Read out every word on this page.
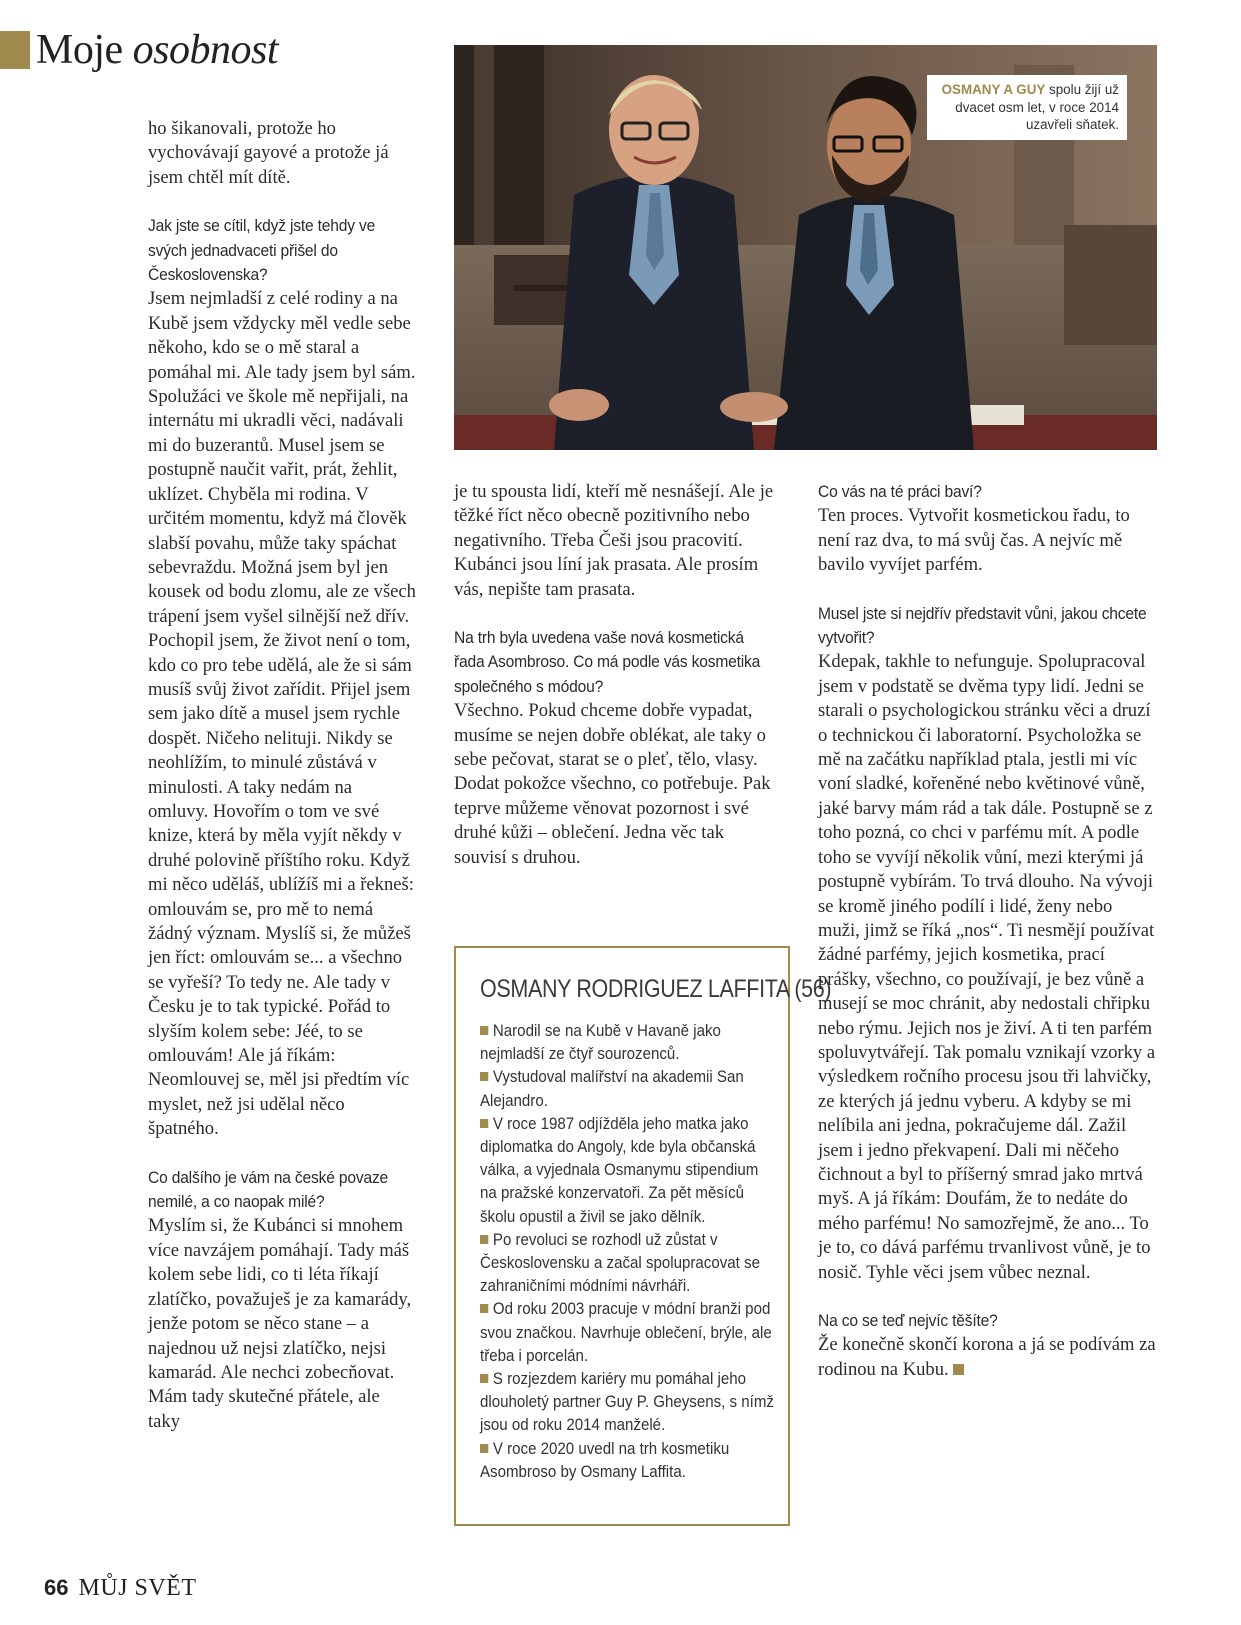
Moje osobnost

ho šikanovali, protože ho vychovávají gayové a protože já jsem chtěl mít dítě.

Jak jste se cítil, když jste tehdy ve svých jednadvaceti přišel do Československa?

Jsem nejmladší z celé rodiny a na Kubě jsem vždycky měl vedle sebe někoho, kdo se o mě staral a pomáhal mi. Ale tady jsem byl sám. Spolužáci ve škole mě nepřijali, na internátu mi ukradli věci, nadávali mi do buzerantů. Musel jsem se postupně naučit vařit, prát, žehlit, uklízet. Chyběla mi rodina. V určitém momentu, když má člověk slabší povahu, může taky spáchat sebevraždu. Možná jsem byl jen kousek od bodu zlomu, ale ze všech trápení jsem vyšel silnější než dřív. Pochopil jsem, že život není o tom, kdo co pro tebe udělá, ale že si sám musíš svůj život zařídit. Přijel jsem sem jako dítě a musel jsem rychle dospět. Ničeho nelituji. Nikdy se neohlížím, to minulé zůstává v minulosti. A taky nedám na omluvy. Hovořím o tom ve své knize, která by měla vyjít někdy v druhé polovině příštího roku. Když mi něco uděláš, ublížíš mi a řekneš: omlouvám se, pro mě to nemá žádný význam. Myslíš si, že můžeš jen říct: omlouvám se... a všechno se vyřeší? To tedy ne. Ale tady v Česku je to tak typické. Pořád to slyším kolem sebe: Jéé, to se omlouvám! Ale já říkám: Neomlouvej se, měl jsi předtím víc myslet, než jsi udělal něco špatného.

Co dalšího je vám na české povaze nemilé, a co naopak milé?

Myslím si, že Kubánci si mnohem více navzájem pomáhají. Tady máš kolem sebe lidi, co ti léta říkají zlatíčko, považuješ je za kamarády, jenže potom se něco stane – a najednou už nejsi zlatíčko, nejsi kamarád. Ale nechci zobecňovat. Mám tady skutečné přátele, ale taky

OSMANY A GUY spolu žijí už dvacet osm let, v roce 2014 uzavřeli sňatek.

je tu spousta lidí, kteří mě nesnášejí. Ale je těžké říct něco obecně pozitivního nebo negativního. Třeba Češi jsou pracovití. Kubánci jsou líní jak prasata. Ale prosím vás, nepište tam prasata.

Na trh byla uvedena vaše nová kosmetická řada Asombroso. Co má podle vás kosmetika společného s módou?

Všechno. Pokud chceme dobře vypadat, musíme se nejen dobře oblékat, ale taky o sebe pečovat, starat se o pleť, tělo, vlasy. Dodat pokožce všechno, co potřebuje. Pak teprve můžeme věnovat pozornost i své druhé kůži – oblečení. Jedna věc tak souvisí s druhou.

OSMANY RODRIGUEZ LAFFITA (56)
Narodil se na Kubě v Havaně jako nejmladší ze čtyř sourozenců.
Vystudoval malířství na akademii San Alejandro.
V roce 1987 odjížděla jeho matka jako diplomatka do Angoly, kde byla občanská válka, a vyjednala Osmanymu stipendium na pražské konzervatoři. Za pět měsíců školu opustil a živil se jako dělník.
Po revoluci se rozhodl už zůstat v Československu a začal spolupracovat se zahraničními módními návrháři.
Od roku 2003 pracuje v módní branži pod svou značkou. Navrhuje oblečení, brýle, ale třeba i porcelán.
S rozjezdem kariéry mu pomáhal jeho dlouholetý partner Guy P. Gheysens, s nímž jsou od roku 2014 manželé.
V roce 2020 uvedl na trh kosmetiku Asombroso by Osmany Laffita.

Co vás na té práci baví?

Ten proces. Vytvořit kosmetickou řadu, to není raz dva, to má svůj čas. A nejvíc mě bavilo vyvíjet parfém.

Musel jste si nejdřív představit vůni, jakou chcete vytvořit?

Kdepak, takhle to nefunguje. Spolupracoval jsem v podstatě se dvěma typy lidí. Jedni se starali o psychologickou stránku věci a druzí o technickou či laboratorní. Psycholožka se mě na začátku například ptala, jestli mi víc voní sladké, kořeněné nebo květinové vůně, jaké barvy mám rád a tak dále. Postupně se z toho pozná, co chci v parfému mít. A podle toho se vyvíjí několik vůní, mezi kterými já postupně vybírám. To trvá dlouho. Na vývoji se kromě jiného podílí i lidé, ženy nebo muži, jimž se říká „nos“. Ti nesmějí používat žádné parfémy, jejich kosmetika, prací prášky, všechno, co používají, je bez vůně a musejí se moc chránit, aby nedostali chřipku nebo rýmu. Jejich nos je živí. A ti ten parfém spoluvytvářejí. Tak pomalu vznikají vzorky a výsledkem ročního procesu jsou tři lahvičky, ze kterých já jednu vyberu. A kdyby se mi nelíbila ani jedna, pokračujeme dál. Zažil jsem i jedno překvapení. Dali mi něčeho čichnout a byl to příšerný smrad jako mrtvá myš. A já říkám: Doufám, že to nedáte do mého parfému! No samozřejmě, že ano... To je to, co dává parfému trvanlivost vůně, je to nosič. Tyhle věci jsem vůbec neznal.

Na co se teď nejvíc těšíte?

Že konečně skončí korona a já se podívám za rodinou na Kubu.

66 MŮJ SVĚT
